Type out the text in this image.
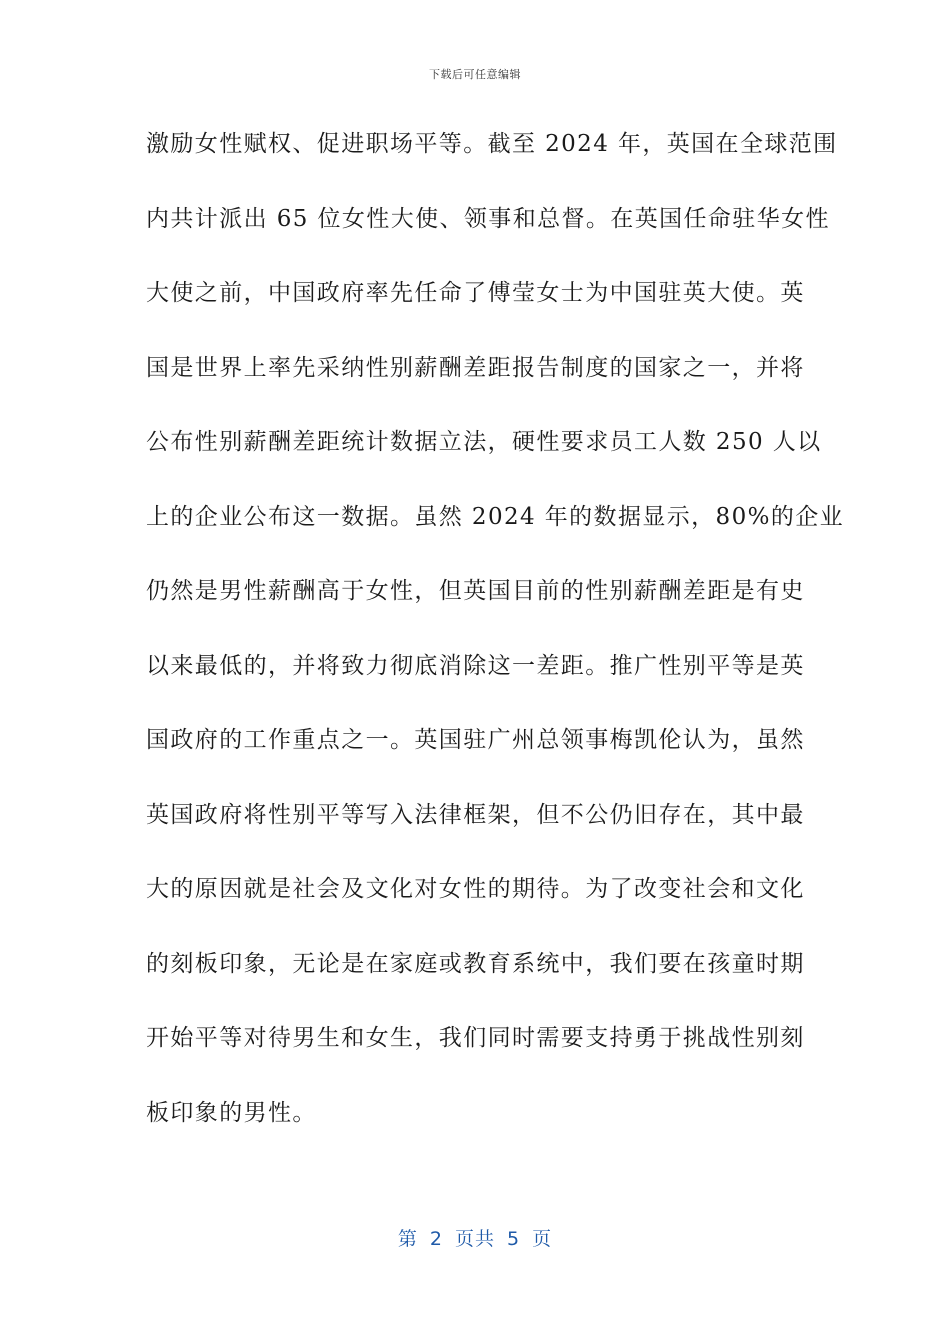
下载后可任意编辑
激励女性赋权、促进职场平等。截至 2024 年，英国在全球范围
内共计派出 65 位女性大使、领事和总督。在英国任命驻华女性
大使之前，中国政府率先任命了傅莹女士为中国驻英大使。英
国是世界上率先采纳性别薪酬差距报告制度的国家之一，并将
公布性别薪酬差距统计数据立法，硬性要求员工人数 250 人以
上的企业公布这一数据。虽然 2024 年的数据显示，80%的企业
仍然是男性薪酬高于女性，但英国目前的性别薪酬差距是有史
以来最低的，并将致力彻底消除这一差距。推广性别平等是英
国政府的工作重点之一。英国驻广州总领事梅凯伦认为，虽然
英国政府将性别平等写入法律框架，但不公仍旧存在，其中最
大的原因就是社会及文化对女性的期待。为了改变社会和文化
的刻板印象，无论是在家庭或教育系统中，我们要在孩童时期
开始平等对待男生和女生，我们同时需要支持勇于挑战性别刻
板印象的男性。
第 2 页共 5 页
